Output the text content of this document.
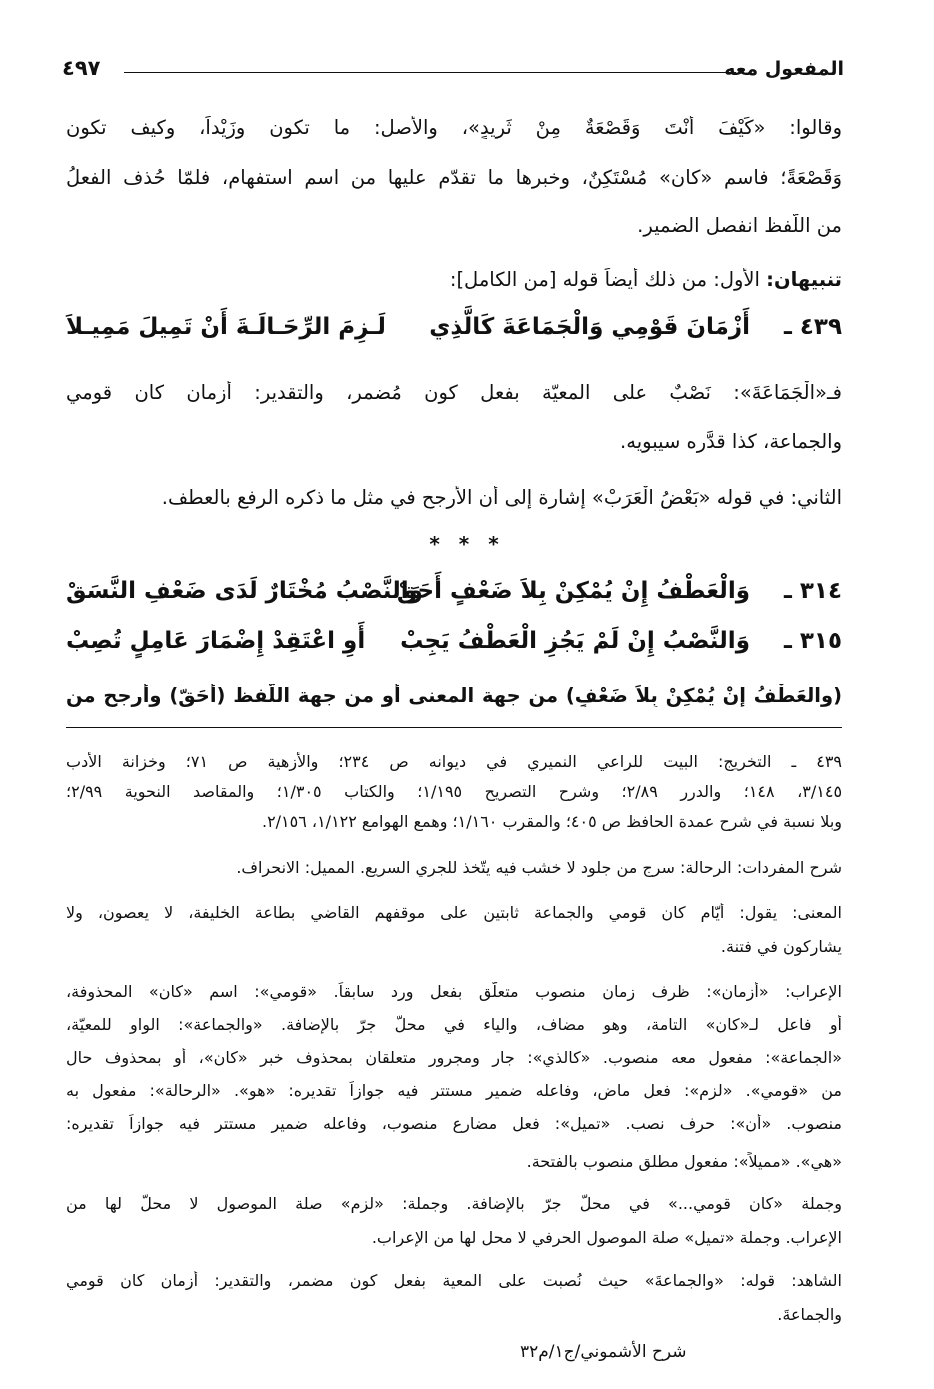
المفعول معه
٤٩٧
وقالوا: «كَيْفَ أَنْتَ وَقَصْعَةٌ مِنْ ثَرِيدٍ»، والأصل: ما تكون وزَيْداً، وكيف تكون
وَقَصْعَةً؛ فاسم «كان» مُسْتَكِنٌ، وخبرها ما تقدّم عليها من اسم استفهام، فلمّا حُذف الفعلُ
من اللّفظ انفصل الضمير.
تنبيهان: الأول: من ذلك أيضاً قوله [من الكامل]:
٤٣٩ ـ
أَزْمَانَ قَوْمِي وَالْجَمَاعَةَ كَالَّذِي
لَـزِمَ الرِّحَـالَـةَ أَنْ تَمِيلَ مَمِيـلاَ
فـ«الْجَمَاعَةَ»: نَصْبٌ على المعيّة بفعل كون مُضمر، والتقدير: أزمان كان قومي
والجماعة، كذا قدَّره سيبويه.
الثاني: في قوله «بَعْضُ الْعَرَبْ» إشارة إلى أن الأرجح في مثل ما ذكره الرفع بالعطف.
* * *
٣١٤ ـ
وَالْعَطْفُ إِنْ يُمْكِنْ بِلاَ ضَعْفٍ أَحَقْ
وَالنَّصْبُ مُخْتَارٌ لَدَى ضَعْفِ النَّسَقْ
٣١٥ ـ
وَالنَّصْبُ إِنْ لَمْ يَجُزِ الْعَطْفُ يَجِبْ
أَوِ اعْتَقِدْ إِضْمَارَ عَامِلٍ تُصِبْ
(والعَطْفُ إِنْ يُمْكِنْ بِلاَ ضَعْفٍ) من جهة المعنى أو من جهة اللّفظ (أَحَقّ) وأرجح من
٤٣٩ ـ التخريج: البيت للراعي النميري في ديوانه ص ٢٣٤؛ والأزهية ص ٧١؛ وخزانة الأدب
٣/١٤٥، ١٤٨؛ والدرر ٢/٨٩؛ وشرح التصريح ١/١٩٥؛ والكتاب ١/٣٠٥؛ والمقاصد النحوية ٢/٩٩؛
وبلا نسبة في شرح عمدة الحافظ ص ٤٠٥؛ والمقرب ١/١٦٠؛ وهمع الهوامع ١/١٢٢، ٢/١٥٦.
شرح المفردات: الرحالة: سرج من جلود لا خشب فيه يتّخذ للجري السريع. المميل: الانحراف.
المعنى: يقول: أيّام كان قومي والجماعة ثابتين على موقفهم القاضي بطاعة الخليفة، لا يعصون، ولا
يشاركون في فتنة.
الإعراب: «أزمان»: ظرف زمان منصوب متعلّق بفعل ورد سابقاً. «قومي»: اسم «كان» المحذوفة،
أو فاعل لـ«كان» التامة، وهو مضاف، والياء في محلّ جرّ بالإضافة. «والجماعة»: الواو للمعيّة،
«الجماعة»: مفعول معه منصوب. «كالذي»: جار ومجرور متعلقان بمحذوف خبر «كان»، أو بمحذوف حال
من «قومي». «لزم»: فعل ماضٍ، وفاعله ضمير مستتر فيه جوازاً تقديره: «هو». «الرحالة»: مفعول به
منصوب. «أن»: حرف نصب. «تميل»: فعل مضارع منصوب، وفاعله ضمير مستتر فيه جوازاً تقديره:
«هي». «مميلاً»: مفعول مطلق منصوب بالفتحة.
وجملة «كان قومي...» في محلّ جرّ بالإضافة. وجملة: «لزم» صلة الموصول لا محلّ لها من
الإعراب. وجملة «تميل» صلة الموصول الحرفي لا محل لها من الإعراب.
الشاهد: قوله: «والجماعةَ» حيث نُصبت على المعية بفعل كون مضمر، والتقدير: أزمان كان قومي
والجماعةَ.
شرح الأشموني/ج١/م٣٢
